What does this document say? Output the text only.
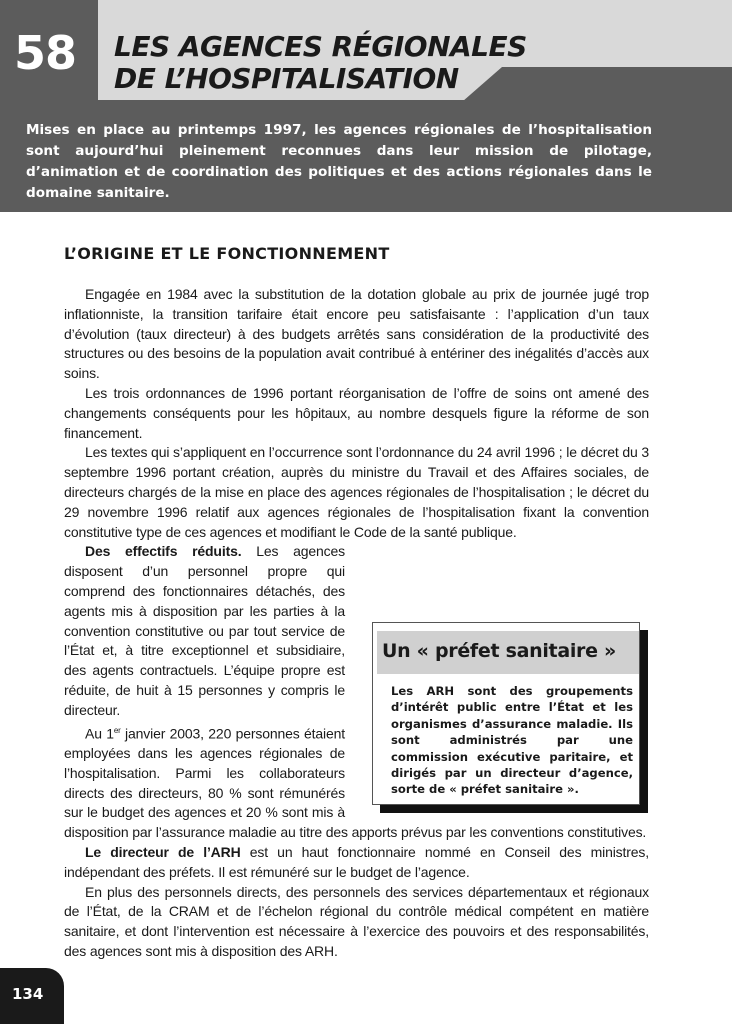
58 LES AGENCES RÉGIONALES
DE L’HOSPITALISATION
Mises en place au printemps 1997, les agences régionales de l’hospitalisation sont aujourd’hui pleinement reconnues dans leur mission de pilotage, d’animation et de coordination des politiques et des actions régionales dans le domaine sanitaire.
L’ORIGINE ET LE FONCTIONNEMENT

Engagée en 1984 avec la substitution de la dotation globale au prix de journée jugé trop inflationniste, la transition tarifaire était encore peu satisfaisante : l’application d’un taux d’évolution (taux directeur) à des budgets arrêtés sans considération de la productivité des structures ou des besoins de la population avait contribué à entériner des inégalités d’accès aux soins.

Les trois ordonnances de 1996 portant réorganisation de l’offre de soins ont amené des changements conséquents pour les hôpitaux, au nombre desquels figure la réforme de son financement.

Les textes qui s’appliquent en l’occurrence sont l’ordonnance du 24 avril 1996 ; le décret du 3 septembre 1996 portant création, auprès du ministre du Travail et des Affaires sociales, de directeurs chargés de la mise en place des agences régionales de l’hospitalisation ; le décret du 29 novembre 1996 relatif aux agences régionales de l’hospitalisation fixant la convention constitutive type de ces agences et modifiant le Code de la santé publique.

Des effectifs réduits. Les agences disposent d’un personnel propre qui comprend des fonctionnaires détachés, des agents mis à disposition par les parties à la convention constitutive ou par tout service de l’État et, à titre exceptionnel et subsidiaire, des agents contractuels. L’équipe propre est réduite, de huit à 15 personnes y compris le directeur.

Au 1er janvier 2003, 220 personnes étaient employées dans les agences régionales de l’hospitalisation. Parmi les collaborateurs directs des directeurs, 80 % sont rémunérés sur le budget des agences et 20 % sont mis à disposition par l’assurance maladie au titre des apports prévus par les conventions constitutives.

Le directeur de l’ARH est un haut fonctionnaire nommé en Conseil des ministres, indépendant des préfets. Il est rémunéré sur le budget de l’agence.

En plus des personnels directs, des personnels des services départementaux et régionaux de l’État, de la CRAM et de l’échelon régional du contrôle médical compétent en matière sanitaire, et dont l’intervention est nécessaire à l’exercice des pouvoirs et des responsabilités, des agences sont mis à disposition des ARH.

Un « préfet sanitaire »
Les ARH sont des groupements d’intérêt public entre l’État et les organismes d’assurance maladie. Ils sont administrés par une commission exécutive paritaire, et dirigés par un directeur d’agence, sorte de « préfet sanitaire ».
134
